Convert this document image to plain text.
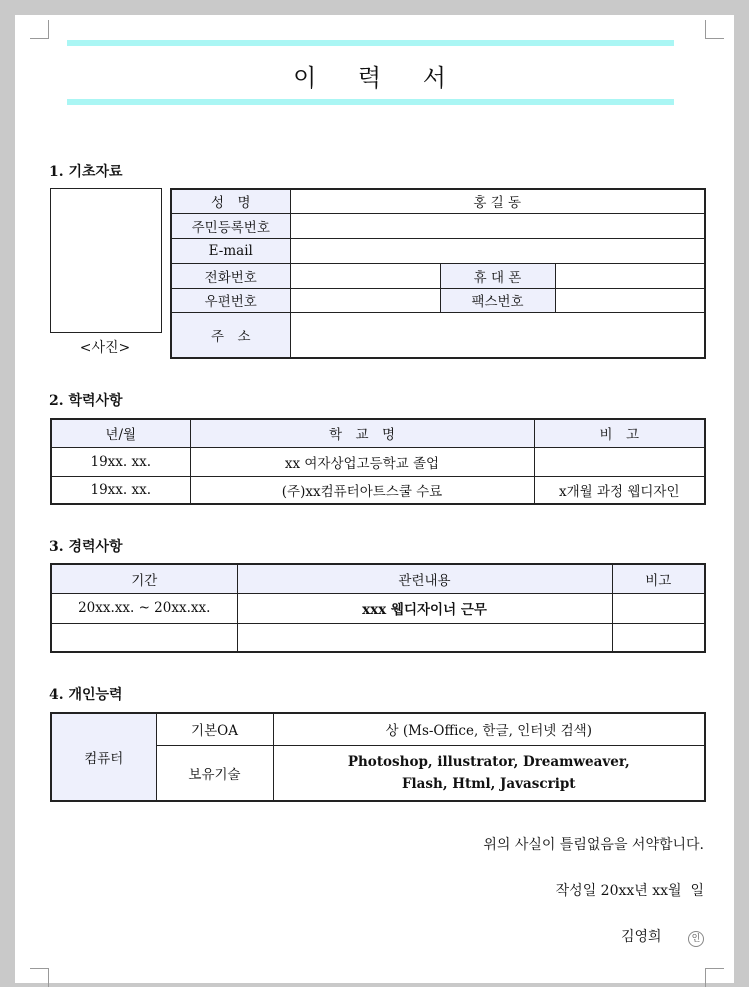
이 력 서
1. 기초자료
<사진>
성　명	홍 길 동		
주민등록번호			
E-mail			
전화번호		휴 대 폰	
우편번호		팩스번호	
주　소			
2. 학력사항
년/월	학　교　명	비　고
19xx. xx.	xx 여자상업고등학교 졸업	
19xx. xx.	(주)xx컴퓨터아트스쿨 수료	x개월 과정 웹디자인
3. 경력사항
기간	관련내용	비고
20xx.xx. ~ 20xx.xx.	xxx 웹디자이너 근무	

4. 개인능력
컴퓨터	기본OA	상 (Ms-Office, 한글, 인터넷 검색)
	보유기술	Photoshop, illustrator, Dreamweaver,
Flash, Html, Javascript
위의 사실이 틀림없음을 서약합니다.
작성일 20xx년 xx월  일
김영희	인
